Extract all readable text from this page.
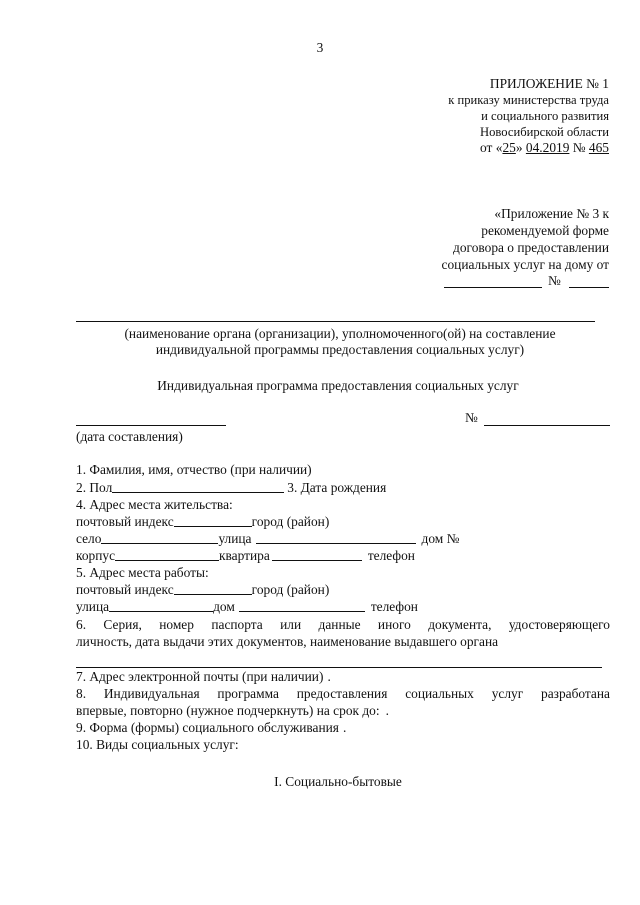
3
ПРИЛОЖЕНИЕ № 1
к приказу министерства труда
и социального развития
Новосибирской области
от «25» 04.2019 № 465
«Приложение № 3 к
рекомендуемой форме
договора о предоставлении
социальных услуг на дому от
№
(наименование органа (организации), уполномоченного(ой) на составление
индивидуальной программы предоставления социальных услуг)
Индивидуальная программа предоставления социальных услуг
№
(дата составления)
1. Фамилия, имя, отчество (при наличии)
2. Пол	3. Дата рождения
4. Адрес места жительства:
почтовый индекс	город (район)
село	улица	дом №
корпус	квартира	телефон
5. Адрес места работы:
почтовый индекс	город (район)
улица	дом	телефон
6. Серия, номер паспорта или данные иного документа, удостоверяющего
личность, дата выдачи этих документов, наименование выдавшего органа
7. Адрес электронной почты (при наличии) .
8. Индивидуальная программа предоставления социальных услуг разработана
впервые, повторно (нужное подчеркнуть) на срок до: .
9. Форма (формы) социального обслуживания .
10. Виды социальных услуг:
I. Социально-бытовые
